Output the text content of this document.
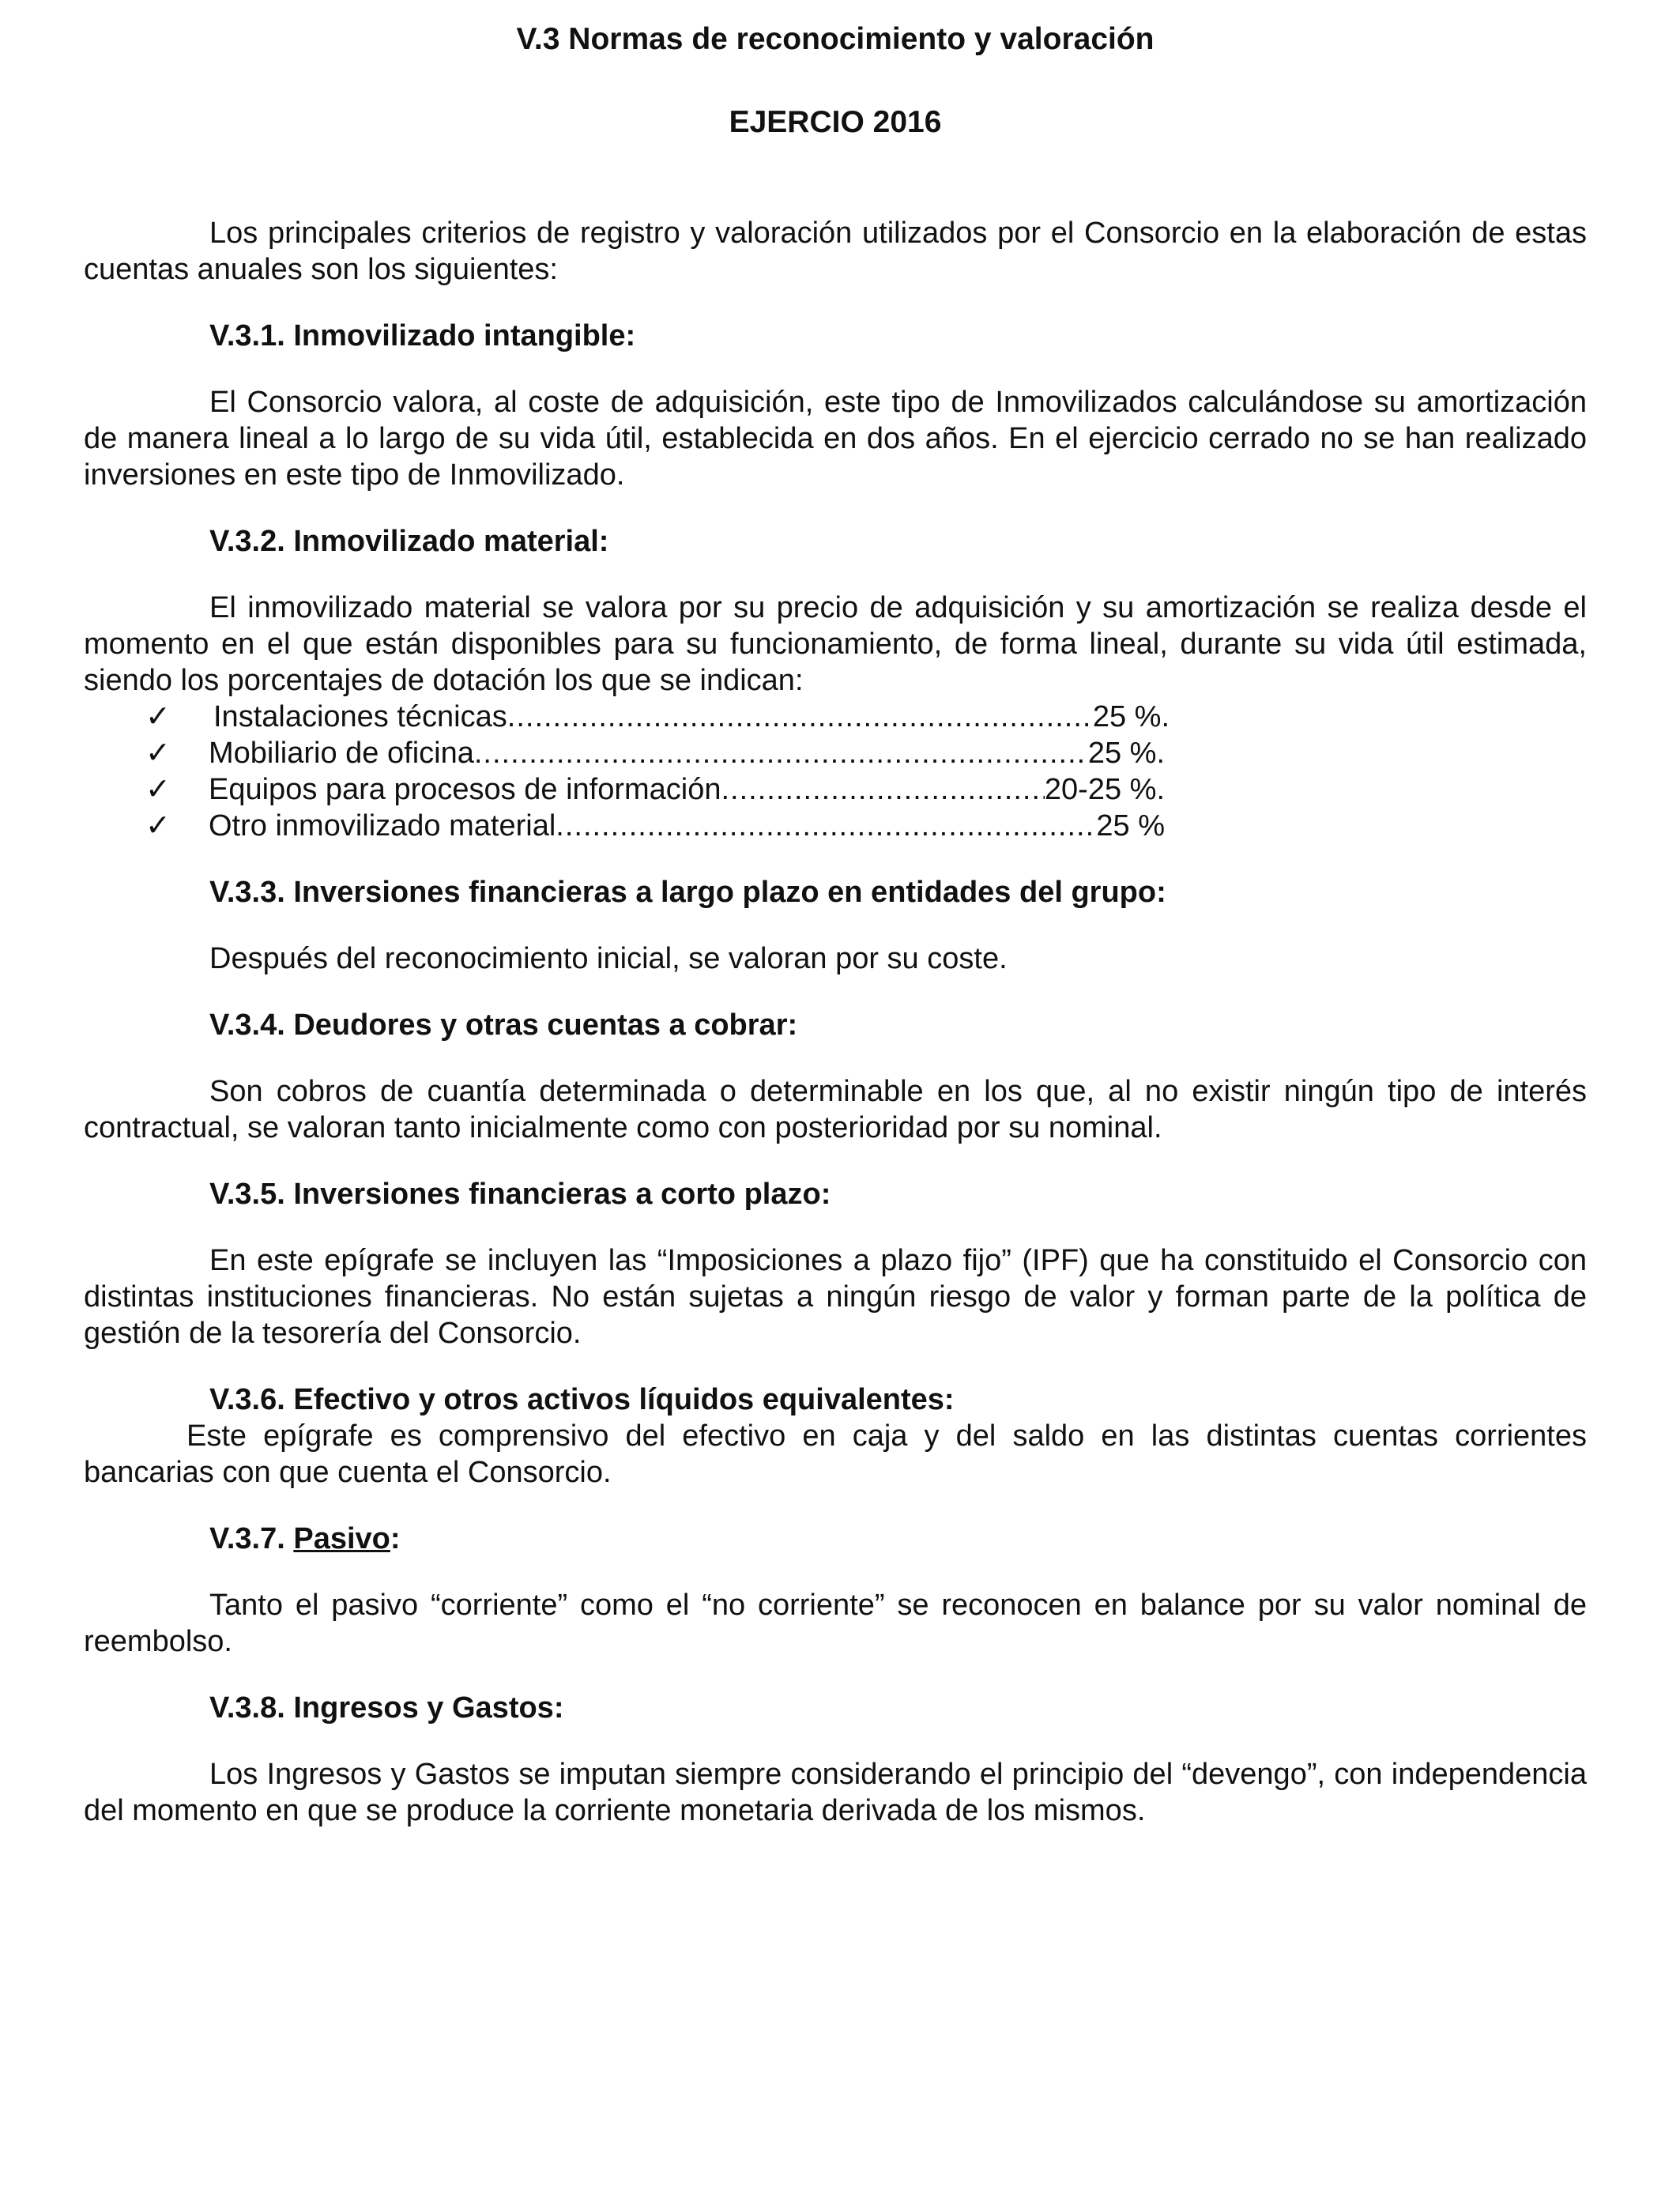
V.3 Normas de reconocimiento y valoración
EJERCIO 2016

Los principales criterios de registro y valoración utilizados por el Consorcio en la elaboración de estas cuentas anuales son los siguientes:

V.3.1. Inmovilizado intangible:

El Consorcio valora, al coste de adquisición, este tipo de Inmovilizados calculándose su amortización de manera lineal a lo largo de su vida útil, establecida en dos años. En el ejercicio cerrado no se han realizado inversiones en este tipo de Inmovilizado.

V.3.2. Inmovilizado material:

El inmovilizado material se valora por su precio de adquisición y su amortización se realiza desde el momento en el que están disponibles para su funcionamiento, de forma lineal, durante su vida útil estimada, siendo los porcentajes de dotación los que se indican:

✓	Instalaciones técnicas .....	25 %.
✓	Mobiliario de oficina .....	25 %.
✓	Equipos para procesos de información .....	20-25 %.
✓	Otro inmovilizado material .....	25 %
V.3.3. Inversiones financieras a largo plazo en entidades del grupo:

Después del reconocimiento inicial, se valoran por su coste.

V.3.4. Deudores y otras cuentas a cobrar:

Son cobros de cuantía determinada o determinable en los que, al no existir ningún tipo de interés contractual, se valoran tanto inicialmente como con posterioridad por su nominal.

V.3.5. Inversiones financieras a corto plazo:

En este epígrafe se incluyen las “Imposiciones a plazo fijo” (IPF) que ha constituido el Consorcio con distintas instituciones financieras. No están sujetas a ningún riesgo de valor y forman parte de la política de gestión de la tesorería del Consorcio.

V.3.6. Efectivo y otros activos líquidos equivalentes:

Este epígrafe es comprensivo del efectivo en caja y del saldo en las distintas cuentas corrientes bancarias con que cuenta el Consorcio.

V.3.7. Pasivo:

Tanto el pasivo “corriente” como el “no corriente” se reconocen en balance por su valor nominal de reembolso.

V.3.8. Ingresos y Gastos:

Los Ingresos y Gastos se imputan siempre considerando el principio del “devengo”, con independencia del momento en que se produce la corriente monetaria derivada de los mismos.
